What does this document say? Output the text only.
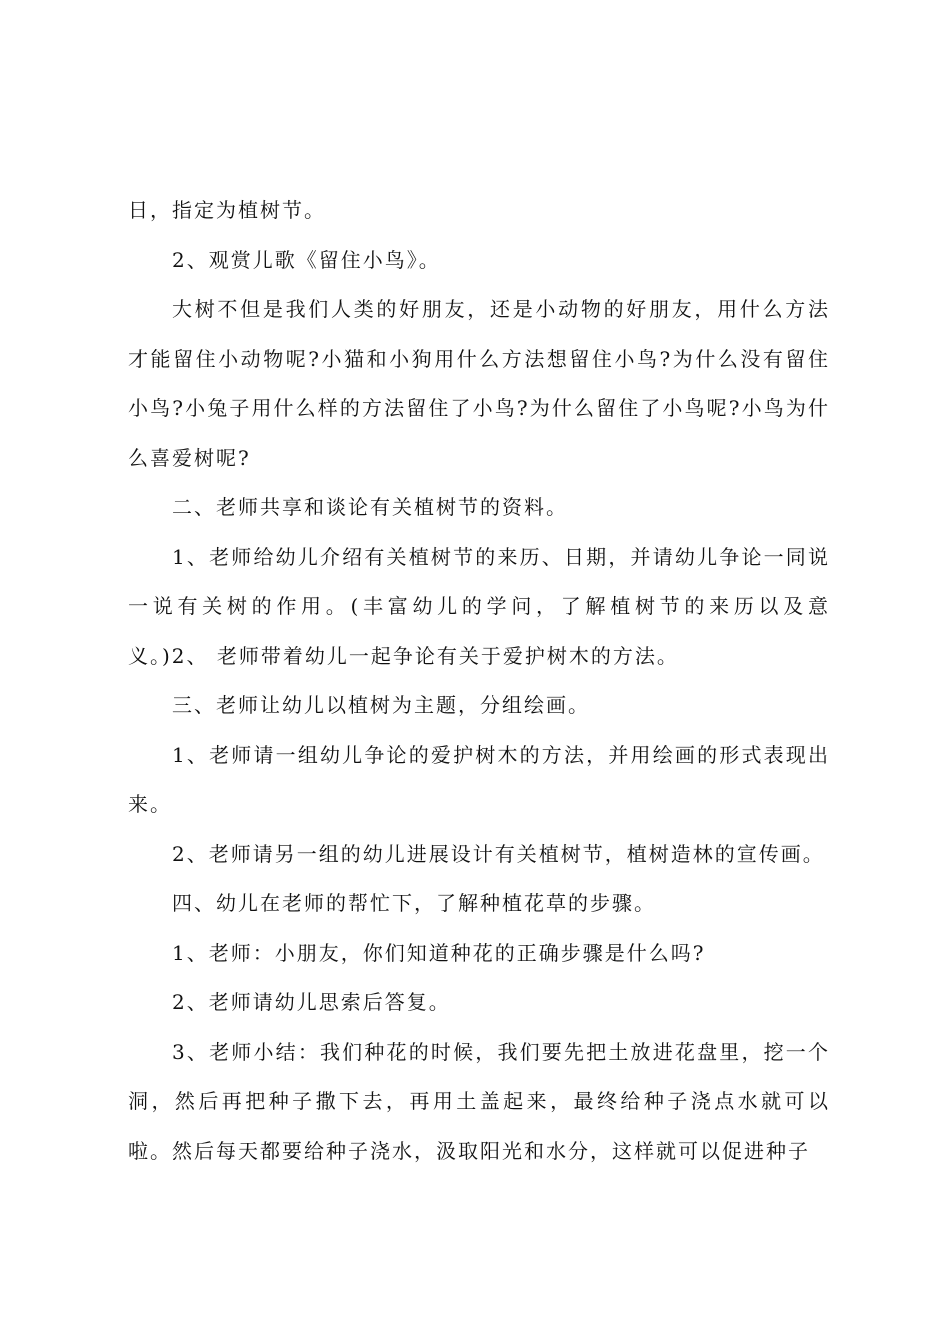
日，指定为植树节。

2、观赏儿歌《留住小鸟》。

大树不但是我们人类的好朋友，还是小动物的好朋友，用什么方法才能留住小动物呢?小猫和小狗用什么方法想留住小鸟?为什么没有留住小鸟?小兔子用什么样的方法留住了小鸟?为什么留住了小鸟呢?小鸟为什么喜爱树呢?

二、老师共享和谈论有关植树节的资料。

1、老师给幼儿介绍有关植树节的来历、日期，并请幼儿争论一同说一说有关树的作用。(丰富幼儿的学问，了解植树节的来历以及意义。)2、 老师带着幼儿一起争论有关于爱护树木的方法。

三、老师让幼儿以植树为主题，分组绘画。

1、老师请一组幼儿争论的爱护树木的方法，并用绘画的形式表现出来。

2、老师请另一组的幼儿进展设计有关植树节，植树造林的宣传画。

四、幼儿在老师的帮忙下，了解种植花草的步骤。

1、老师：小朋友，你们知道种花的正确步骤是什么吗?

2、老师请幼儿思索后答复。

3、老师小结：我们种花的时候，我们要先把土放进花盘里，挖一个洞，然后再把种子撒下去，再用土盖起来，最终给种子浇点水就可以啦。然后每天都要给种子浇水，汲取阳光和水分，这样就可以促进种子
